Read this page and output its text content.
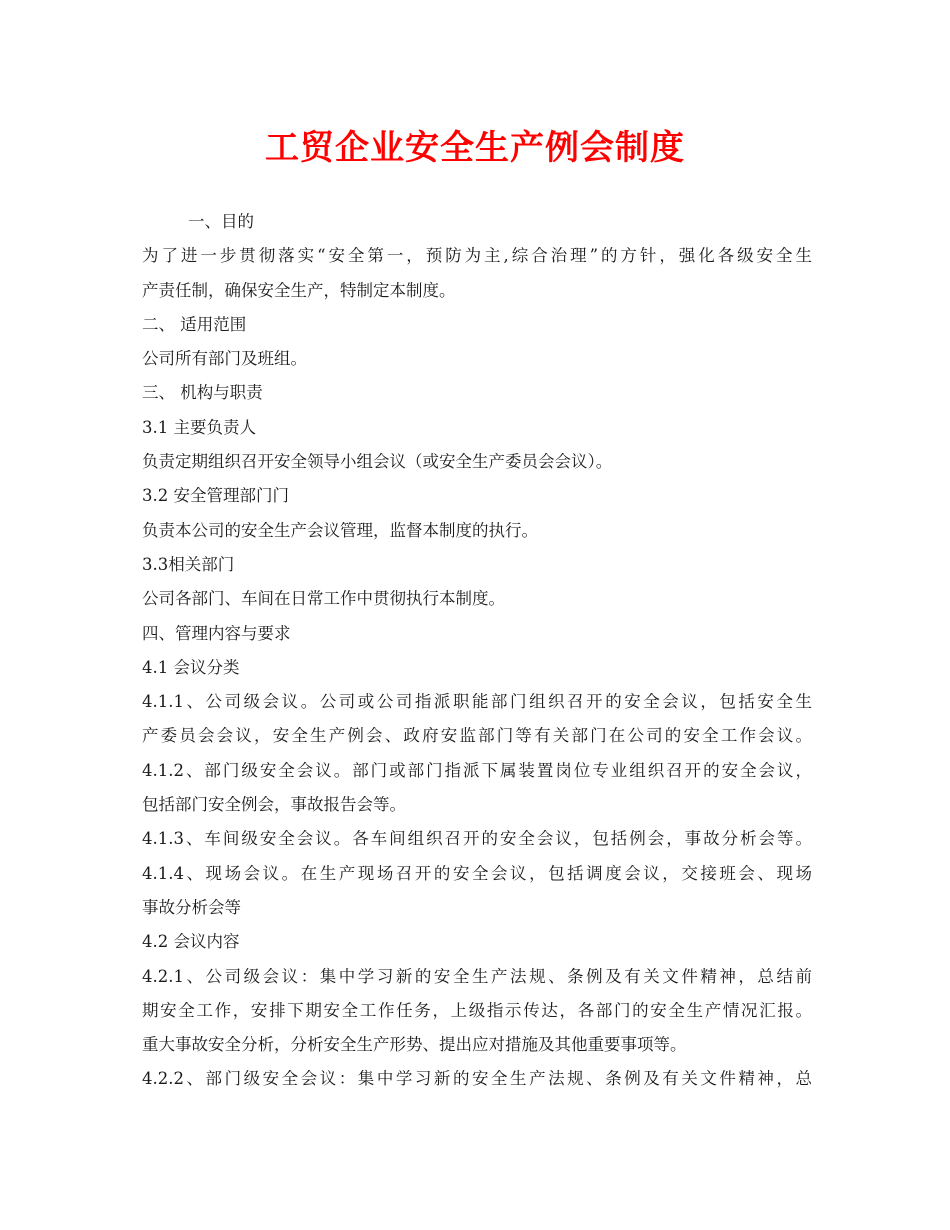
工贸企业安全生产例会制度
一、目的
为了进一步贯彻落实“安全第一，预防为主,综合治理”的方针，强化各级安全生
产责任制，确保安全生产，特制定本制度。
二、 适用范围
公司所有部门及班组。
三、 机构与职责
3.1 主要负责人
负责定期组织召开安全领导小组会议（或安全生产委员会会议）。
3.2 安全管理部门门
负责本公司的安全生产会议管理，监督本制度的执行。
3.3相关部门
公司各部门、车间在日常工作中贯彻执行本制度。
四、管理内容与要求
4.1 会议分类
4.1.1、公司级会议。公司或公司指派职能部门组织召开的安全会议，包括安全生
产委员会会议，安全生产例会、政府安监部门等有关部门在公司的安全工作会议。
4.1.2、部门级安全会议。部门或部门指派下属装置岗位专业组织召开的安全会议，
包括部门安全例会，事故报告会等。
4.1.3、车间级安全会议。各车间组织召开的安全会议，包括例会，事故分析会等。
4.1.4、现场会议。在生产现场召开的安全会议，包括调度会议，交接班会、现场
事故分析会等
4.2 会议内容
4.2.1、公司级会议：集中学习新的安全生产法规、条例及有关文件精神，总结前
期安全工作，安排下期安全工作任务，上级指示传达，各部门的安全生产情况汇报。
重大事故安全分析，分析安全生产形势、提出应对措施及其他重要事项等。
4.2.2、部门级安全会议：集中学习新的安全生产法规、条例及有关文件精神，总
